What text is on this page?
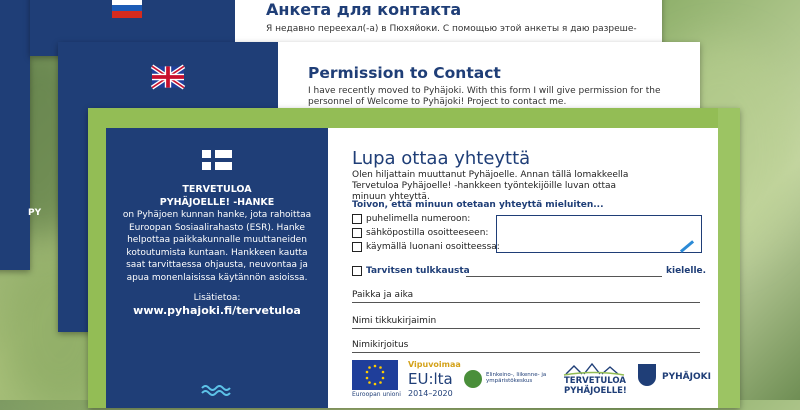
PY
Анкета для контакта
Я недавно переехал(-а) в Пюхяйоки. С помощью этой анкеты я даю разреше-
Permission to Contact
I have recently moved to Pyhäjoki. With this form I will give permission for the personnel of Welcome to Pyhäjoki! Project to contact me.
TERVETULOA
PYHÄJOELLE! -HANKE
on Pyhäjoen kunnan hanke, jota rahoittaa Euroopan Sosiaalirahasto (ESR). Hanke helpottaa paikkakunnalle muuttaneiden kotoutumista kuntaan. Hankkeen kautta saat tarvittaessa ohjausta, neuvontaa ja apua monenlaisissa käytännön asioissa.
Lisätietoa:
www.pyhajoki.fi/tervetuloa
Lupa ottaa yhteyttä
Olen hiljattain muuttanut Pyhäjoelle. Annan tällä lomakkeella Tervetuloa Pyhäjoelle! -hankkeen työntekijöille luvan ottaa minuun yhteyttä.
Toivon, että minuun otetaan yhteyttä mieluiten...
puhelimella numeroon:
sähköpostilla osoitteeseen:
käymällä luonani osoitteessa:
Tarvitsen tulkkausta	kielelle.
Paikka ja aika
Nimi tikkukirjaimin
Nimikirjoitus
Euroopan unioni
Vipuvoimaa
EU:lta
2014–2020
Elinkeino-, liikenne- ja ympäristökeskus	TERVETULOA
PYHÄJOELLE!
PYHÄJOKI
